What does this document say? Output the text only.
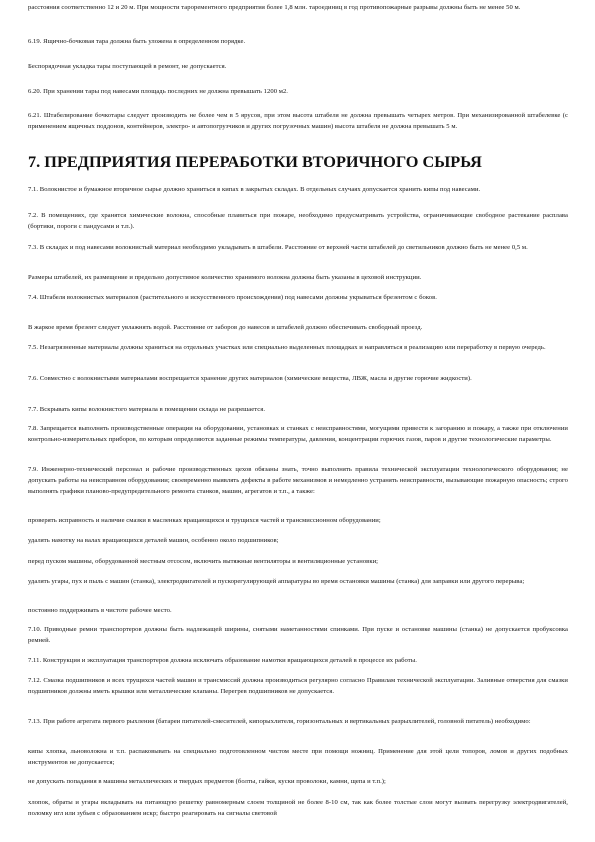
расстояния соответственно 12 и 20 м. При мощности тарорементного предприятия более 1,8 млн. тароединиц в год противопожарные разрывы должны быть не менее 50 м.

6.19. Ящично-бочковая тара должна быть уложена в определенном порядке.

Беспорядочная укладка тары поступающей в ремонт, не допускается.

6.20. При хранении тары под навесами площадь последних не должна превышать 1200 м2.

6.21. Штабелирование бочкотары следует производить не более чем в 5 ярусов, при этом высота штабеля не должна превышать четырех метров. При механизированной штабелевке (с применением ящичных поддонов, контейнеров, электро- и автопогрузчиков и других погрузочных машин) высота штабеля не должна превышать 5 м.

7. ПРЕДПРИЯТИЯ ПЕРЕРАБОТКИ ВТОРИЧНОГО СЫРЬЯ

7.1. Волокнистое и бумажное вторичное сырье должно храниться в кипах в закрытых складах. В отдельных случаях допускается хранить кипы под навесами.

7.2. В помещениях, где хранятся химические волокна, способные плавиться при пожаре, необходимо предусматривать устройства, ограничивающие свободное растекание расплава (бортики, пороги с пандусами и т.п.).

7.3. В складах и под навесами волокнистый материал необходимо укладывать в штабели. Расстояние от верхней части штабелей до светильников должно быть не менее 0,5 м.

Размеры штабелей, их размещение и предельно допустимое количество хранимого волокна должны быть указаны в цеховой инструкции.

7.4. Штабеля волокнистых материалов (растительного и искусственного происхождения) под навесами должны укрываться брезентом с боков.

В жаркое время брезент следует увлажнять водой. Расстояние от заборов до навесов и штабелей должно обеспечивать свободный проезд.

7.5. Незагрязненные материалы должны храниться на отдельных участках или специально выделенных площадках и направляться в реализацию или переработку в первую очередь.

7.6. Совместно с волокнистыми материалами воспрещается хранение других материалов (химические вещества, ЛВЖ, масла и другие горючие жидкости).

7.7. Вскрывать кипы волокнистого материала в помещении склада не разрешается.

7.8. Запрещается выполнять производственные операции на оборудовании, установках и станках с неисправностями, могущими привести к загоранию и пожару, а также при отключении контрольно-измерительных приборов, по которым определяются заданные режимы температуры, давления, концентрации горючих газов, паров и другие технологические параметры.

7.9. Инженерно-технический персонал и рабочие производственных цехов обязаны знать, точно выполнять правила технической эксплуатации технологического оборудования; не допускать работы на неисправном оборудовании; своевременно выявлять дефекты в работе механизмов и немедленно устранять неисправности, вызывающие пожарную опасность; строго выполнять графики планово-предупредительного ремонта станков, машин, агрегатов и т.п., а также:

проверять исправность и наличие смазки в масленках вращающихся и трущихся частей и трансмиссионном оборудовании;

удалять намотку на валах вращающихся деталей машин, особенно около подшипников;

перед пуском машины, оборудованной местным отсосом, включить вытяжные вентиляторы и вентиляционные установки;

удалять угары, пух и пыль с машин (станка), электродвигателей и пускорегулирующей аппаратуры во время остановки машины (станка) для заправки или другого перерыва;

постоянно поддерживать в чистоте рабочее место.

7.10. Приводные ремни транспортеров должны быть надлежащей ширины, снятыми наметанностями спинками. При пуске и остановке машины (станка) не допускается пробуксовка ремней.

7.11. Конструкция и эксплуатация транспортеров должна исключать образование намотки вращающихся деталей в процессе их работы.

7.12. Смазка подшипников и всех трущихся частей машин и трансмиссий должна производиться регулярно согласно Правилам технической эксплуатации. Заливные отверстия для смазки подшипников должны иметь крышки или металлические клапаны. Перегрев подшипников не допускается.

7.13. При работе агрегата первого рыхления (батареи питателей-смесителей, кипорыхлителя, горизонтальных и вертикальных разрыхлителей, головной питатель) необходимо:

кипы хлопка, льноволокна и т.п. распаковывать на специально подготовленном чистом месте при помощи ножниц. Применение для этой цели топоров, ломов и других подобных инструментов не допускается;

не допускать попадания в машины металлических и твердых предметов (болты, гайки, куски проволоки, камни, щепа и т.п.);

хлопок, обраты и угары вкладывать на питающую решетку равномерным слоем толщиной не более 8-10 см, так как более толстые слои могут вызвать перегрузку электродвигателей, поломку игл или зубьев с образованием искр; быстро реагировать на сигналы световой
